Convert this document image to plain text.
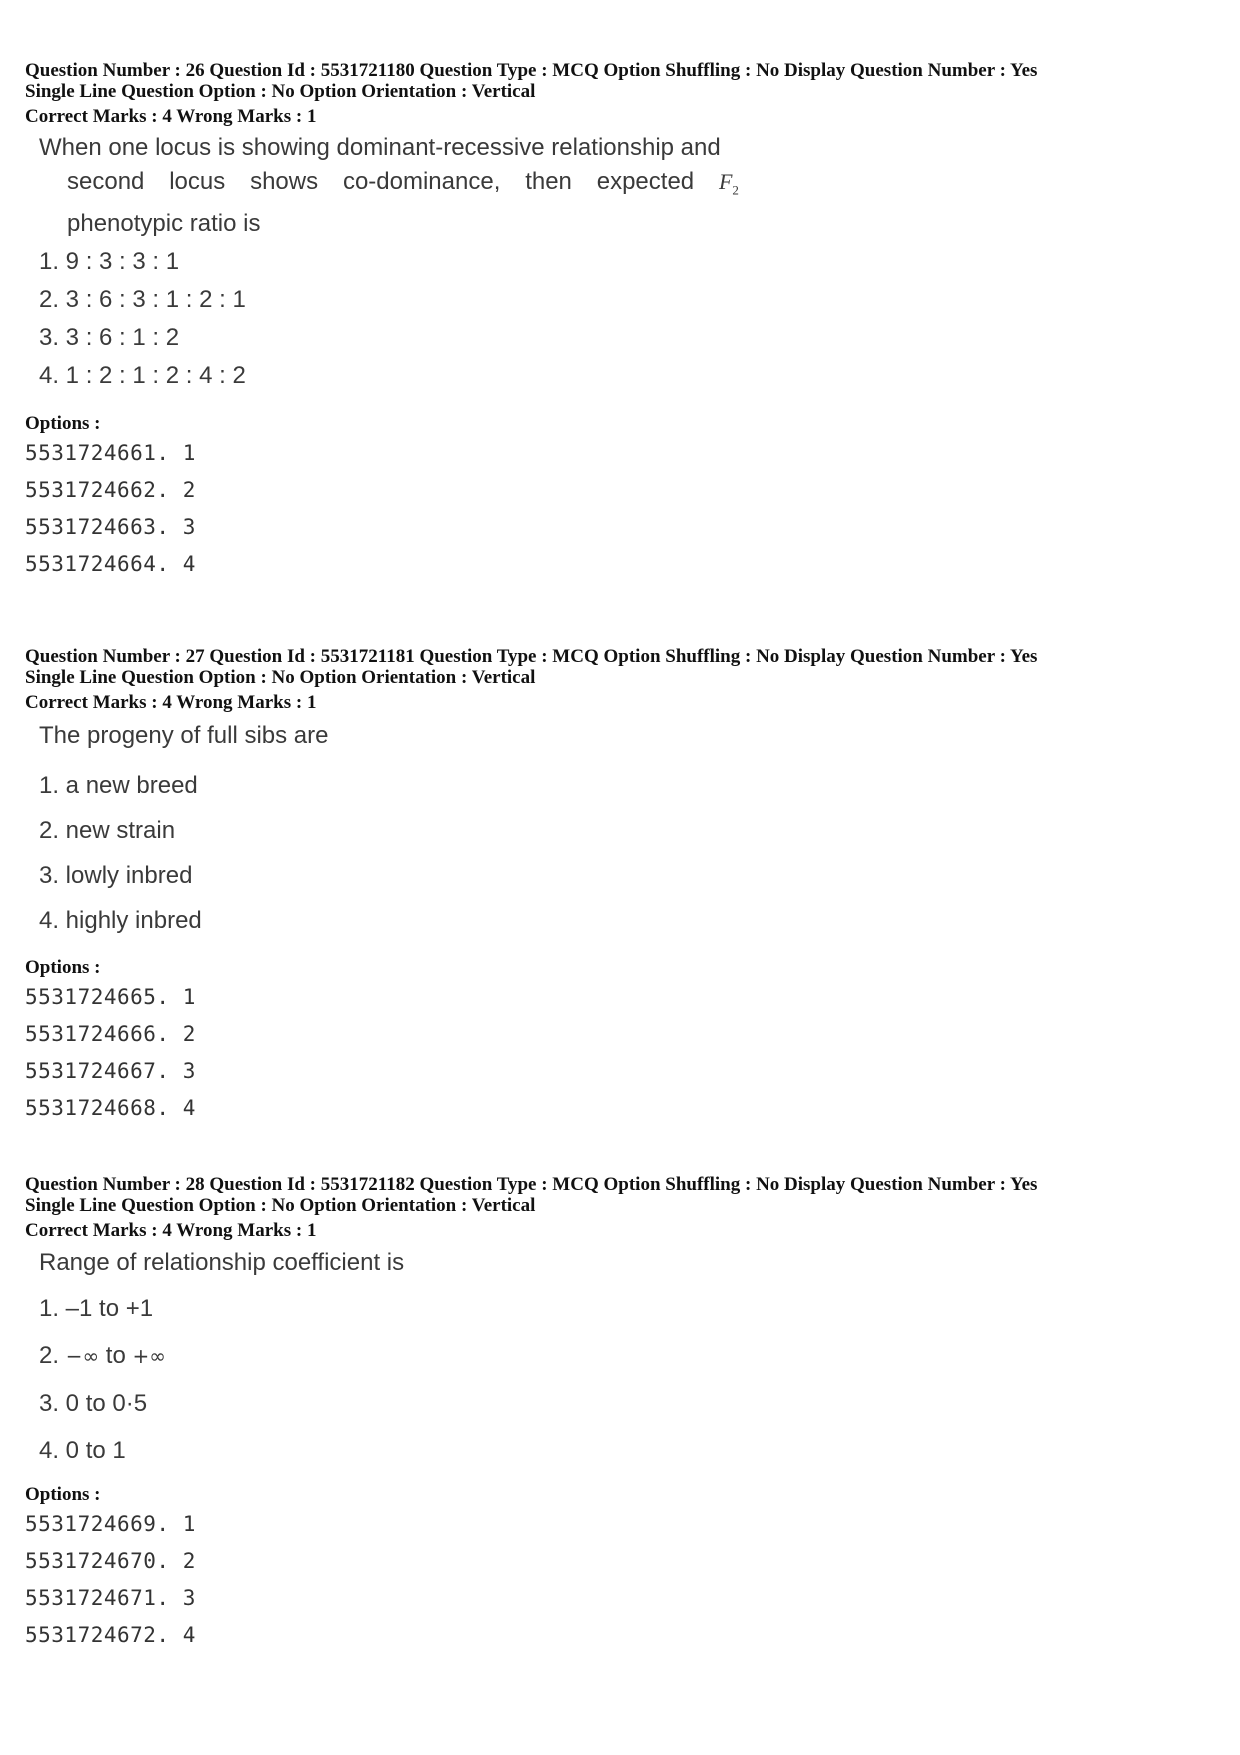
Question Number : 26 Question Id : 5531721180 Question Type : MCQ Option Shuffling : No Display Question Number : Yes
Single Line Question Option : No Option Orientation : Vertical
Correct Marks : 4 Wrong Marks : 1
When one locus is showing dominant-recessive relationship and
second locus shows co-dominance, then expected $F_2$
phenotypic ratio is
1. 9 : 3 : 3 : 1
2. 3 : 6 : 3 : 1 : 2 : 1
3. 3 : 6 : 1 : 2
4. 1 : 2 : 1 : 2 : 4 : 2
Options :
5531724661. 1
5531724662. 2
5531724663. 3
5531724664. 4
Question Number : 27 Question Id : 5531721181 Question Type : MCQ Option Shuffling : No Display Question Number : Yes
Single Line Question Option : No Option Orientation : Vertical
Correct Marks : 4 Wrong Marks : 1
The progeny of full sibs are
1. a new breed
2. new strain
3. lowly inbred
4. highly inbred
Options :
5531724665. 1
5531724666. 2
5531724667. 3
5531724668. 4
Question Number : 28 Question Id : 5531721182 Question Type : MCQ Option Shuffling : No Display Question Number : Yes
Single Line Question Option : No Option Orientation : Vertical
Correct Marks : 4 Wrong Marks : 1
Range of relationship coefficient is
1. –1 to +1
2. −∞ to +∞
3. 0 to 0·5
4. 0 to 1
Options :
5531724669. 1
5531724670. 2
5531724671. 3
5531724672. 4
